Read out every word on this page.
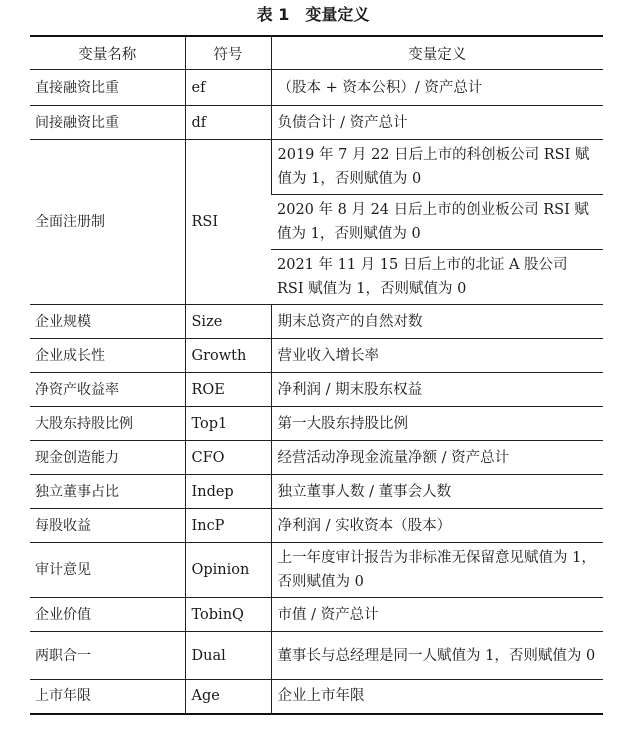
表 1　变量定义
变量名称	符号	变量定义
直接融资比重	ef	（股本 + 资本公积）/ 资产总计
间接融资比重	df	负债合计 / 资产总计
全面注册制	RSI	2019 年 7 月 22 日后上市的科创板公司 RSI 赋值为 1，否则赋值为 0
		2020 年 8 月 24 日后上市的创业板公司 RSI 赋值为 1，否则赋值为 0
		2021 年 11 月 15 日后上市的北证 A 股公司 RSI 赋值为 1，否则赋值为 0
企业规模	Size	期末总资产的自然对数
企业成长性	Growth	营业收入增长率
净资产收益率	ROE	净利润 / 期末股东权益
大股东持股比例	Top1	第一大股东持股比例
现金创造能力	CFO	经营活动净现金流量净额 / 资产总计
独立董事占比	Indep	独立董事人数 / 董事会人数
每股收益	IncP	净利润 / 实收资本（股本）
审计意见	Opinion	上一年度审计报告为非标准无保留意见赋值为 1，否则赋值为 0
企业价值	TobinQ	市值 / 资产总计
两职合一	Dual	董事长与总经理是同一人赋值为 1，否则赋值为 0
上市年限	Age	企业上市年限
